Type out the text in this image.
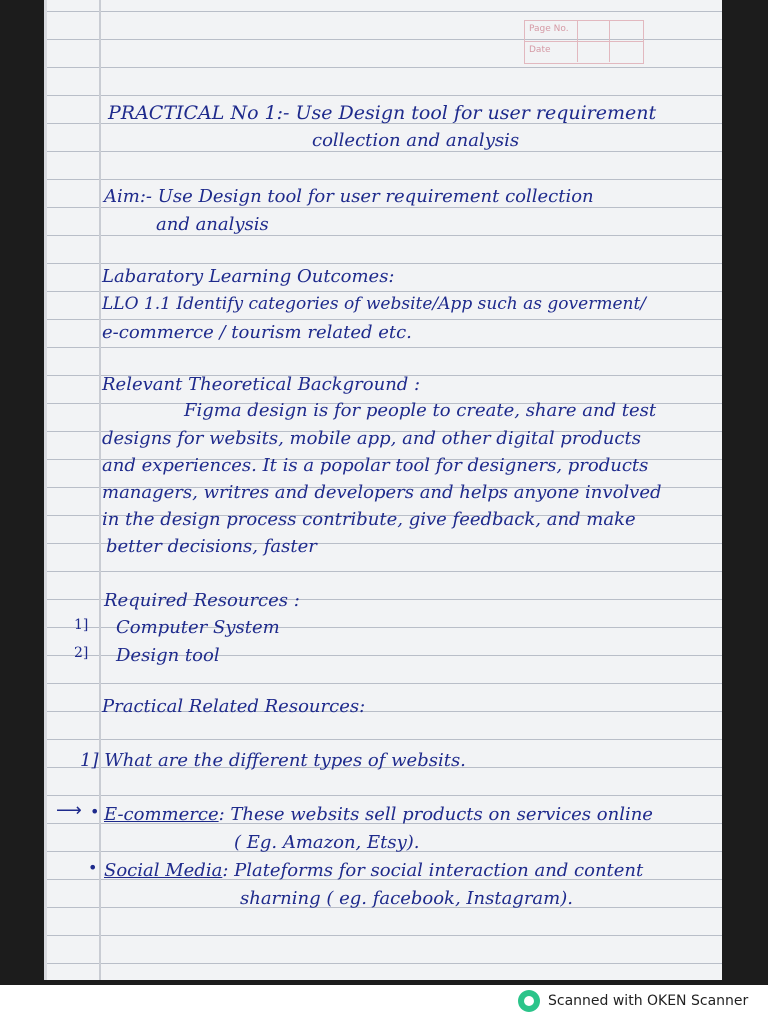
Page No.
Date
PRACTICAL No 1:- Use Design tool for user requirement
collection and analysis
Aim:- Use Design tool for user requirement collection
and analysis
Labaratory Learning Outcomes:
LLO 1.1 Identify categories of website/App such as goverment/
e-commerce / tourism related etc.
Relevant Theoretical Background :
Figma design is for people to create, share and test
designs for websits, mobile app, and other digital products
and experiences. It is a popolar tool for designers, products
managers, writres and developers and helps anyone involved
in the design process contribute, give feedback, and make
better decisions, faster
Required Resources :
1] Computer System
2] Design tool
Practical Related Resources:
1] What are the different types of websits.
⟶ • E-commerce: These websits sell products on services online
( Eg. Amazon, Etsy).
• Social Media: Plateforms for social interaction and content
sharning ( eg. facebook, Instagram).
Scanned with OKEN Scanner
